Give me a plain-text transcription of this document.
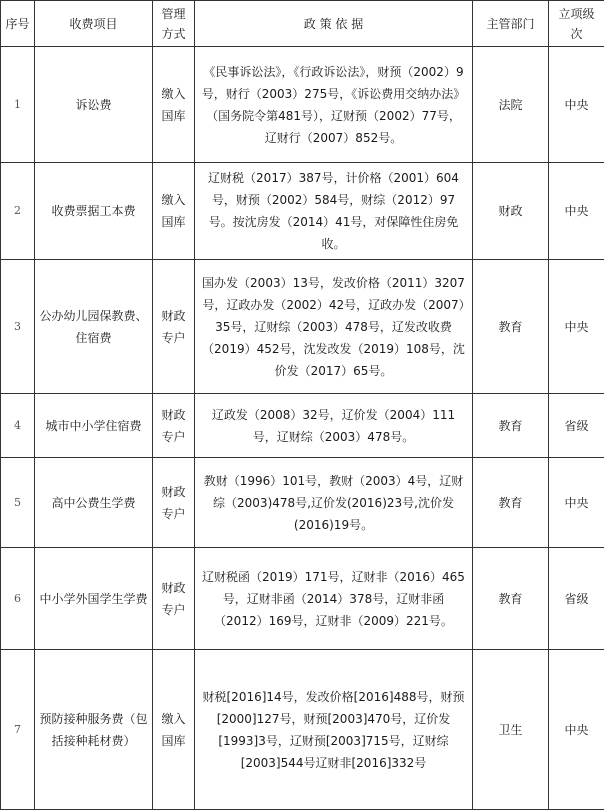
序号	收费项目	管理方式	政 策 依 据	主管部门	立项级次
1	诉讼费	缴入国库	《民事诉讼法》，《行政诉讼法》，财预（2002）9号，财行（2003）275号，《诉讼费用交纳办法》（国务院令第481号），辽财预（2002）77号，辽财行（2007）852号。	法院	中央
2	收费票据工本费	缴入国库	辽财税（2017）387号，计价格（2001）604号，财预（2002）584号，财综（2012）97号。按沈房发（2014）41号，对保障性住房免收。	财政	中央
3	公办幼儿园保教费、住宿费	财政专户	国办发（2003）13号，发改价格（2011）3207号，辽政办发（2002）42号，辽政办发（2007）35号，辽财综（2003）478号，辽发改收费（2019）452号，沈发改发（2019）108号，沈价发（2017）65号。	教育	中央
4	城市中小学住宿费	财政专户	辽政发（2008）32号，辽价发（2004）111号，辽财综（2003）478号。	教育	省级
5	高中公费生学费	财政专户	教财（1996）101号，教财（2003）4号，辽财综（2003)478号,辽价发(2016)23号,沈价发(2016)19号。	教育	中央
6	中小学外国学生学费	财政专户	辽财税函（2019）171号，辽财非（2016）465号，辽财非函（2014）378号，辽财非函（2012）169号，辽财非（2009）221号。	教育	省级
7	预防接种服务费（包括接种耗材费）	缴入国库	财税[2016]14号，发改价格[2016]488号，财预[2000]127号，财预[2003]470号，辽价发[1993]3号，辽财预[2003]715号，辽财综[2003]544号辽财非[2016]332号	卫生	中央
